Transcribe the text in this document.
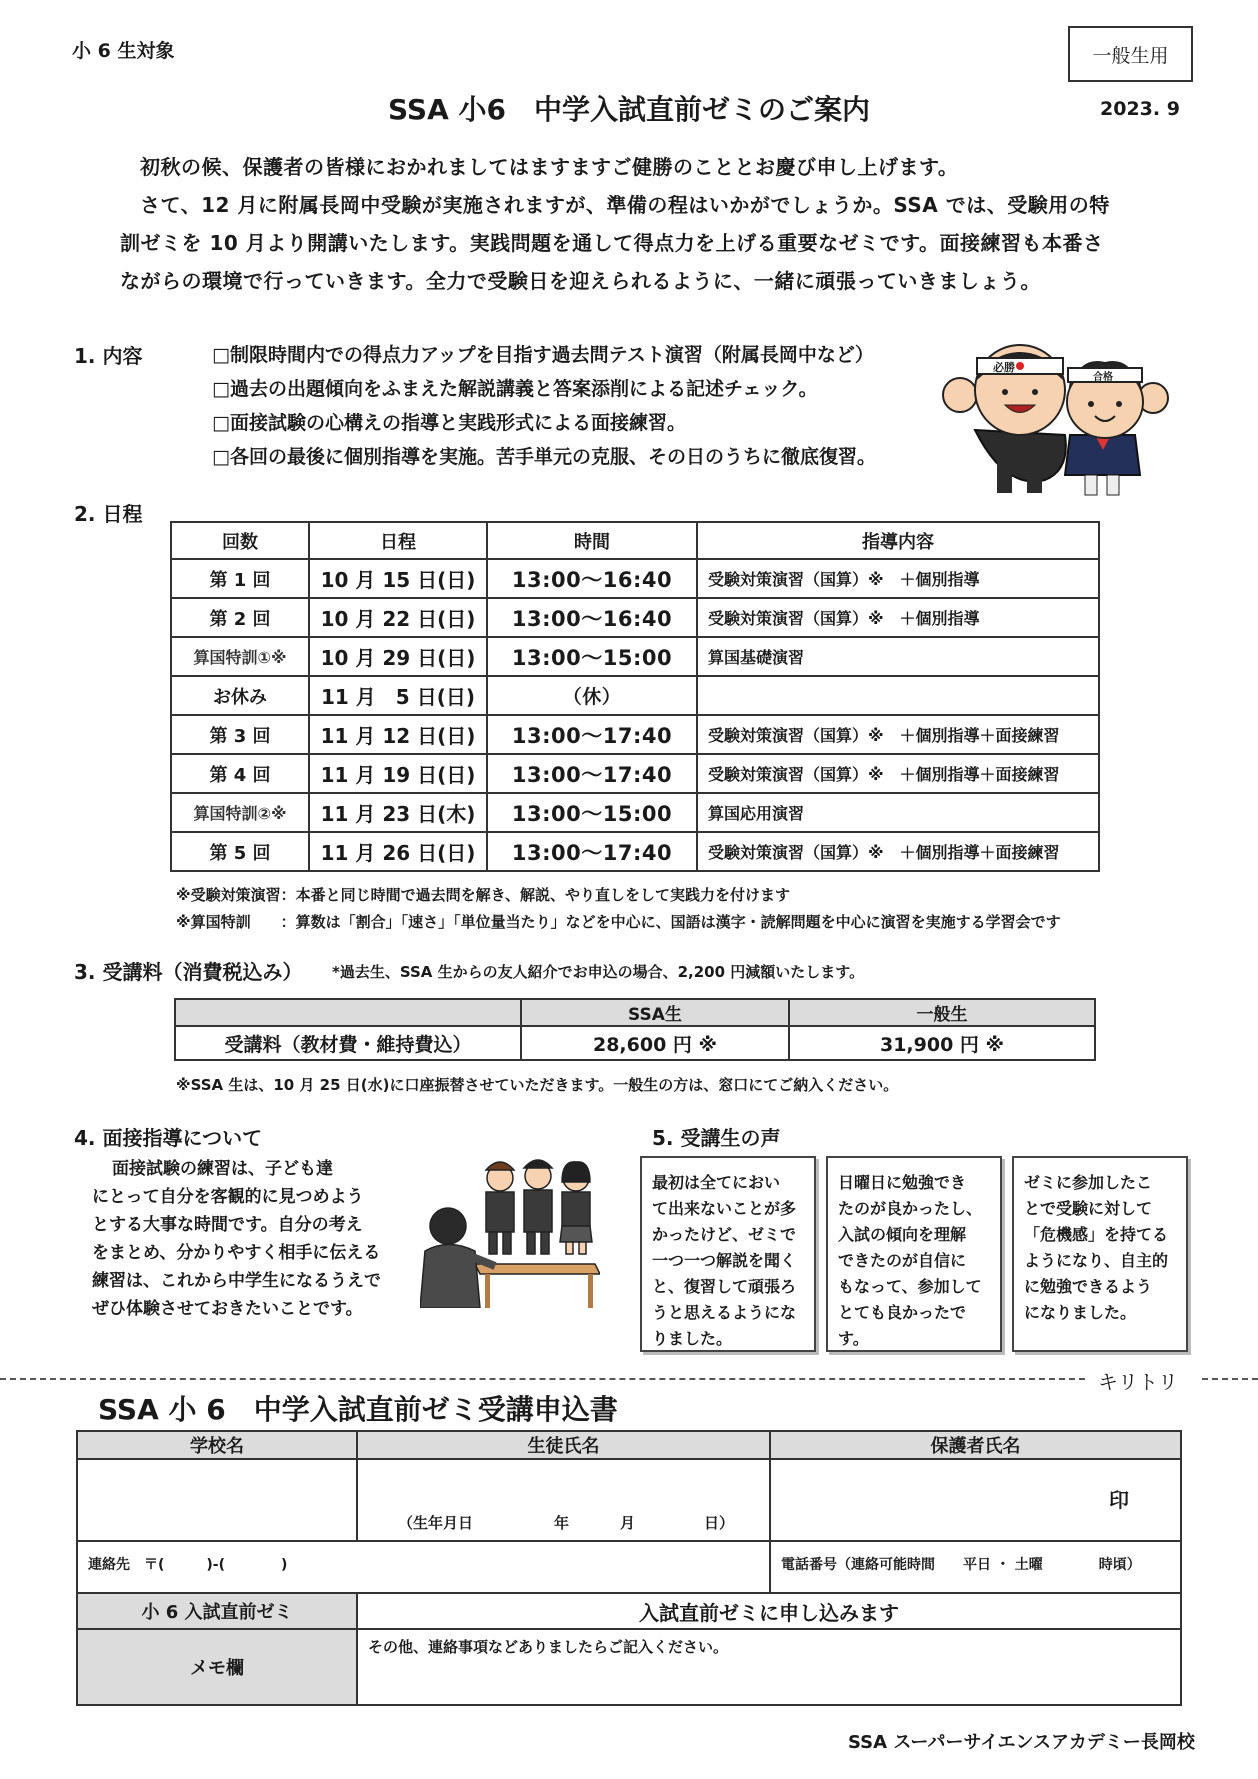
小 6 生対象	一般生用
SSA 小6　中学入試直前ゼミのご案内	2023. 9
初秋の候、保護者の皆様におかれましてはますますご健勝のこととお慶び申し上げます。
さて、12 月に附属長岡中受験が実施されますが、準備の程はいかがでしょうか。SSA では、受験用の特
訓ゼミを 10 月より開講いたします。実践問題を通して得点力を上げる重要なゼミです。面接練習も本番さ
ながらの環境で行っていきます。全力で受験日を迎えられるように、一緒に頑張っていきましょう。
1. 内容	□制限時間内での得点力アップを目指す過去問テスト演習（附属長岡中など）
□過去の出題傾向をふまえた解説講義と答案添削による記述チェック。
□面接試験の心構えの指導と実践形式による面接練習。
□各回の最後に個別指導を実施。苦手単元の克服、その日のうちに徹底復習。
必勝
合格
2. 日程
回数	日程	時間	指導内容
第 1 回	10 月 15 日(日)	13:00～16:40	受験対策演習（国算）※　＋個別指導
第 2 回	10 月 22 日(日)	13:00～16:40	受験対策演習（国算）※　＋個別指導
算国特訓①※	10 月 29 日(日)	13:00～15:00	算国基礎演習
お休み	11 月　5 日(日)	（休）	
第 3 回	11 月 12 日(日)	13:00～17:40	受験対策演習（国算）※　＋個別指導＋面接練習
第 4 回	11 月 19 日(日)	13:00～17:40	受験対策演習（国算）※　＋個別指導＋面接練習
算国特訓②※	11 月 23 日(木)	13:00～15:00	算国応用演習
第 5 回	11 月 26 日(日)	13:00～17:40	受験対策演習（国算）※　＋個別指導＋面接練習
※受験対策演習：本番と同じ時間で過去問を解き、解説、やり直しをして実践力を付けます
※算国特訓　　：算数は「割合」「速さ」「単位量当たり」などを中心に、国語は漢字・読解問題を中心に演習を実施する学習会です
3. 受講料（消費税込み） *過去生、SSA 生からの友人紹介でお申込の場合、2,200 円減額いたします。
	SSA生	一般生
受講料（教材費・維持費込）	28,600 円 ※	31,900 円 ※
※SSA 生は、10 月 25 日(水)に口座振替させていただきます。一般生の方は、窓口にてご納入ください。
4. 面接指導について
面接試験の練習は、子ども達
にとって自分を客観的に見つめよう
とする大事な時間です。自分の考え
をまとめ、分かりやすく相手に伝える
練習は、これから中学生になるうえで
ぜひ体験させておきたいことです。
5. 受講生の声
最初は全てにおい
て出来ないことが多
かったけど、ゼミで
一つ一つ解説を聞く
と、復習して頑張ろ
うと思えるようにな
りました。
日曜日に勉強でき
たのが良かったし、
入試の傾向を理解
できたのが自信に
もなって、参加して
とても良かったで
す。
ゼミに参加したこ
とで受験に対して
「危機感」を持てる
ようになり、自主的
に勉強できるよう
になりました。
キリトリ
SSA 小 6　中学入試直前ゼミ受講申込書
学校名	生徒氏名	保護者氏名

	（生年月日 年 月 日）	印

連絡先　〒(　　　)-(　　　　)		電話番号（連絡可能時間　　平日 ・ 土曜　　　　時頃）
小 6 入試直前ゼミ	入試直前ゼミに申し込みます	
メモ欄	その他、連絡事項などありましたらご記入ください。	
SSA スーパーサイエンスアカデミー長岡校
